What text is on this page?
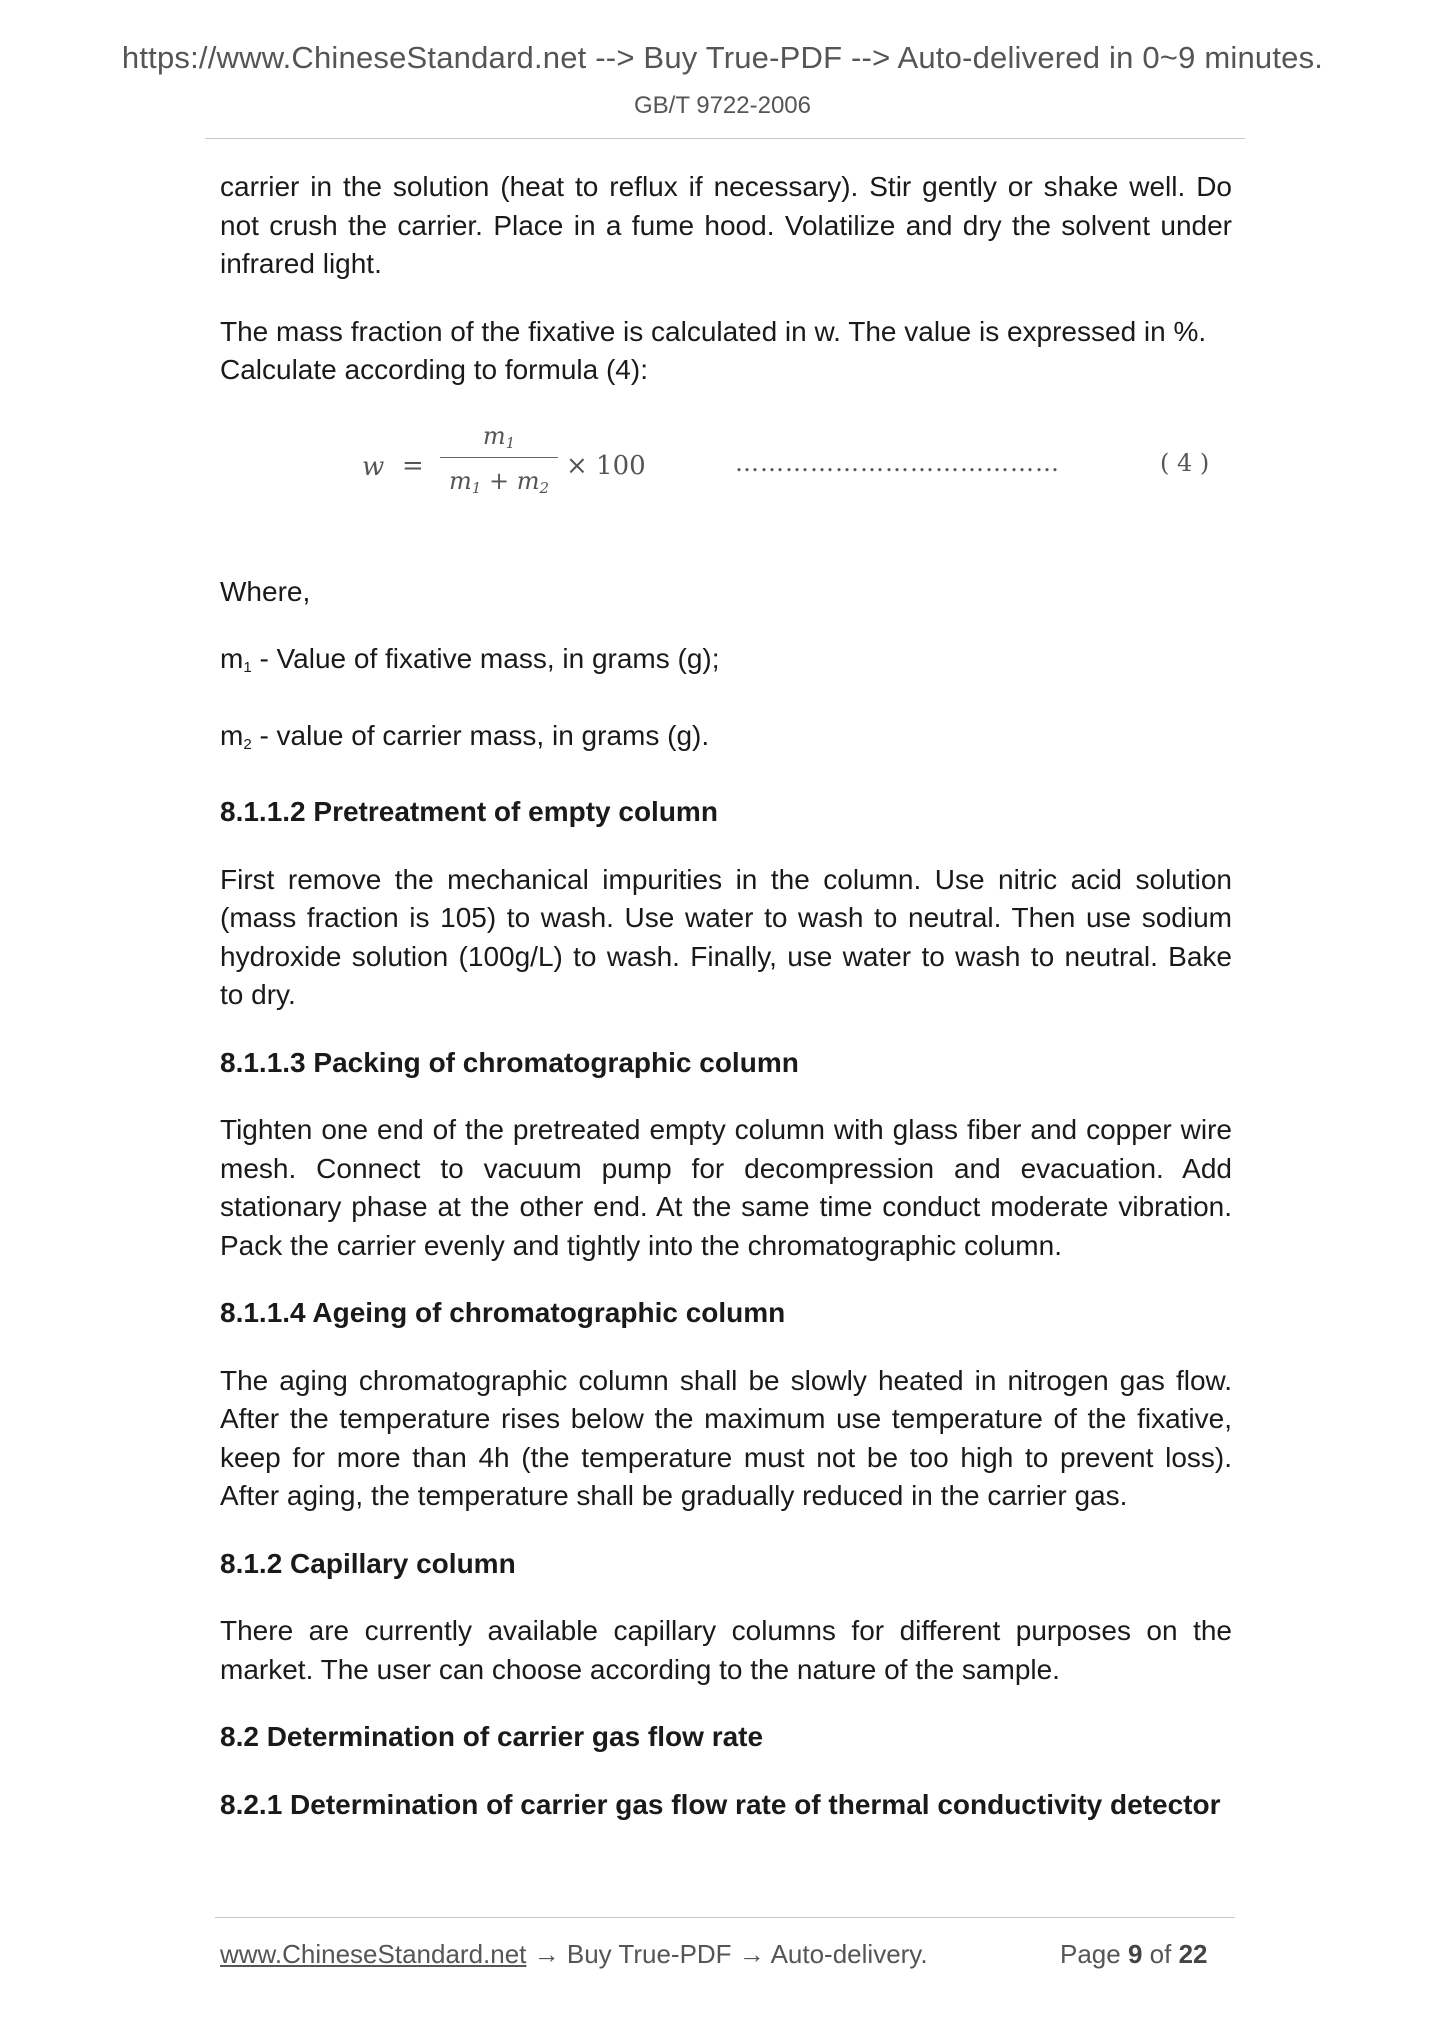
https://www.ChineseStandard.net --> Buy True-PDF --> Auto-delivered in 0~9 minutes.
GB/T 9722-2006

carrier in the solution (heat to reflux if necessary). Stir gently or shake well. Do not crush the carrier. Place in a fume hood. Volatilize and dry the solvent under infrared light.

The mass fraction of the fixative is calculated in w. The value is expressed in %. Calculate according to formula (4):

w =
$m_1$
$m_1 + m_2$
× 100	…………………………………	( 4 )

Where,

$m_1$ - Value of fixative mass, in grams (g);

$m_2$ - value of carrier mass, in grams (g).

8.1.1.2 Pretreatment of empty column

First remove the mechanical impurities in the column. Use nitric acid solution (mass fraction is 105) to wash. Use water to wash to neutral. Then use sodium hydroxide solution (100g/L) to wash. Finally, use water to wash to neutral. Bake to dry.

8.1.1.3 Packing of chromatographic column

Tighten one end of the pretreated empty column with glass fiber and copper wire mesh. Connect to vacuum pump for decompression and evacuation. Add stationary phase at the other end. At the same time conduct moderate vibration. Pack the carrier evenly and tightly into the chromatographic column.

8.1.1.4 Ageing of chromatographic column

The aging chromatographic column shall be slowly heated in nitrogen gas flow. After the temperature rises below the maximum use temperature of the fixative, keep for more than 4h (the temperature must not be too high to prevent loss). After aging, the temperature shall be gradually reduced in the carrier gas.

8.1.2 Capillary column

There are currently available capillary columns for different purposes on the market. The user can choose according to the nature of the sample.

8.2 Determination of carrier gas flow rate

8.2.1 Determination of carrier gas flow rate of thermal conductivity detector

www.ChineseStandard.net → Buy True-PDF → Auto-delivery.	Page 9 of 22
